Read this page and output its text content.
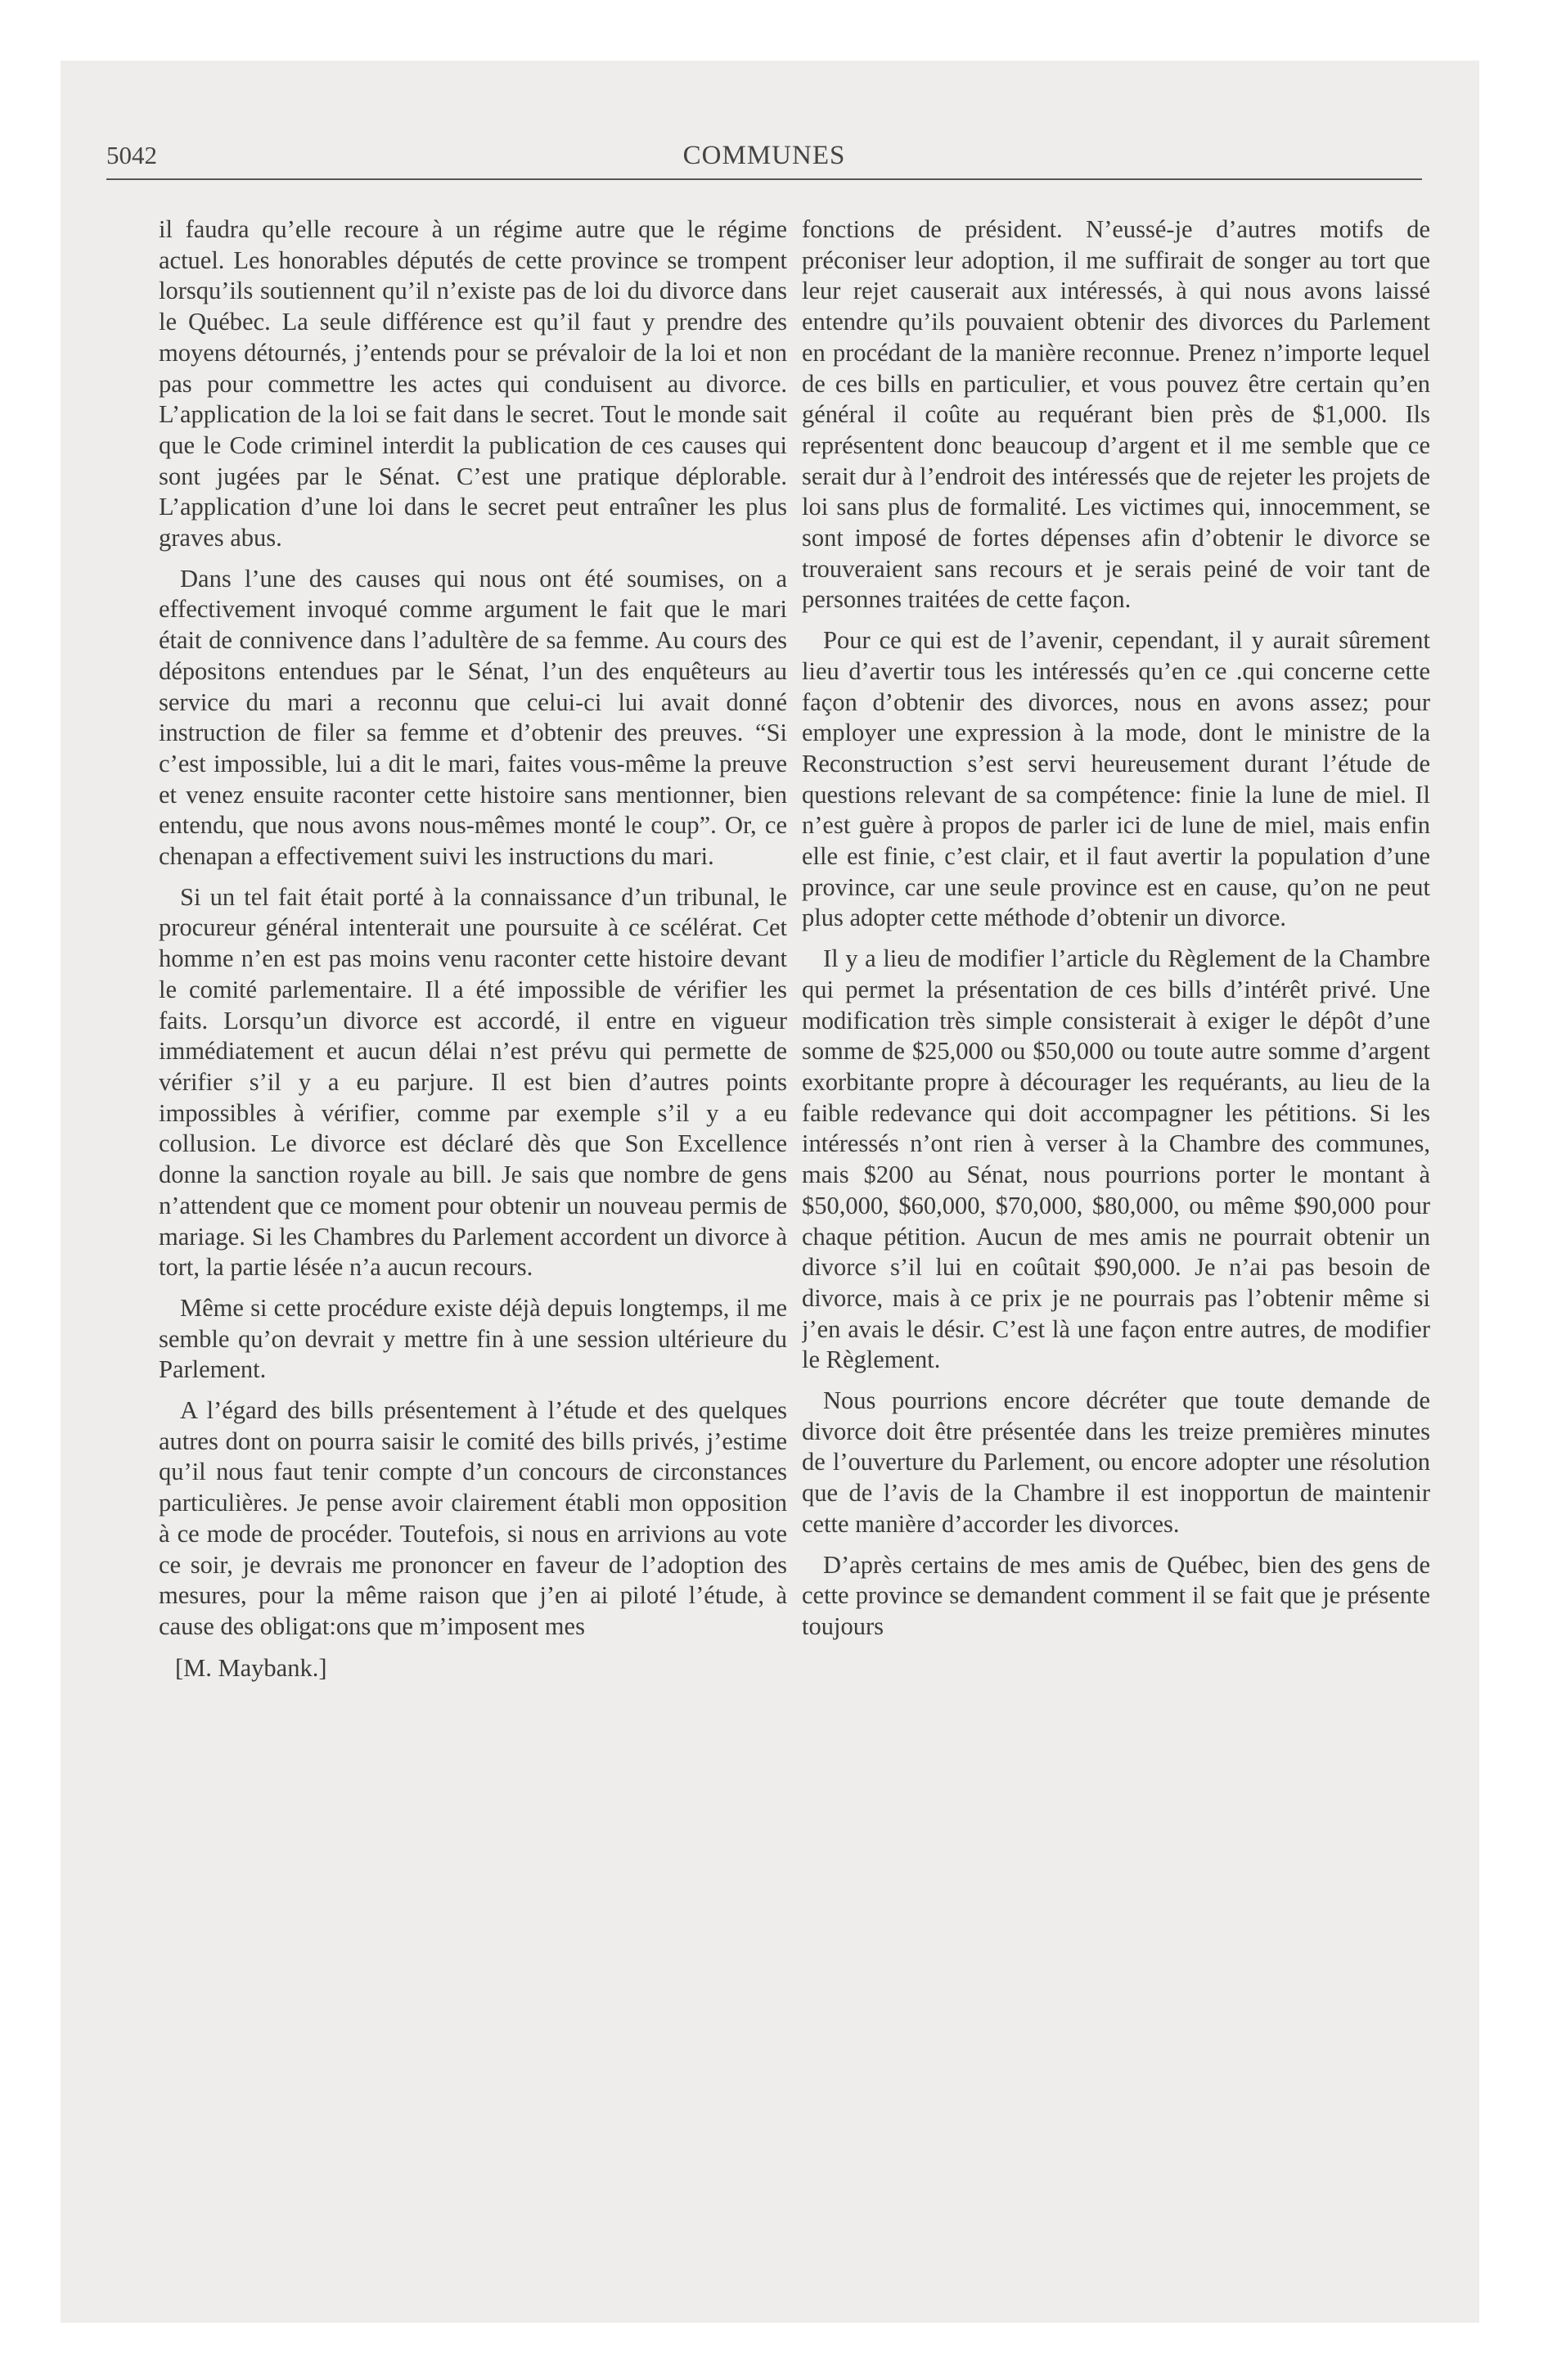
5042	COMMUNES

il faudra qu’elle recoure à un régime autre que le régime actuel. Les honorables députés de cette province se trompent lorsqu’ils soutiennent qu’il n’existe pas de loi du divorce dans le Québec. La seule différence est qu’il faut y prendre des moyens détournés, j’entends pour se prévaloir de la loi et non pas pour commettre les actes qui conduisent au divorce. L’application de la loi se fait dans le secret. Tout le monde sait que le Code criminel interdit la publication de ces causes qui sont jugées par le Sénat. C’est une pratique déplorable. L’application d’une loi dans le secret peut entraîner les plus graves abus.

Dans l’une des causes qui nous ont été soumises, on a effectivement invoqué comme argument le fait que le mari était de connivence dans l’adultère de sa femme. Au cours des dépositons entendues par le Sénat, l’un des enquêteurs au service du mari a reconnu que celui-ci lui avait donné instruction de filer sa femme et d’obtenir des preuves. “Si c’est impossible, lui a dit le mari, faites vous-même la preuve et venez ensuite raconter cette histoire sans mentionner, bien entendu, que nous avons nous-mêmes monté le coup”. Or, ce chenapan a effectivement suivi les instructions du mari.

Si un tel fait était porté à la connaissance d’un tribunal, le procureur général intenterait une poursuite à ce scélérat. Cet homme n’en est pas moins venu raconter cette histoire devant le comité parlementaire. Il a été impossible de vérifier les faits. Lorsqu’un divorce est accordé, il entre en vigueur immédiatement et aucun délai n’est prévu qui permette de vérifier s’il y a eu parjure. Il est bien d’autres points impossibles à vérifier, comme par exemple s’il y a eu collusion. Le divorce est déclaré dès que Son Excellence donne la sanction royale au bill. Je sais que nombre de gens n’attendent que ce moment pour obtenir un nouveau permis de mariage. Si les Chambres du Parlement accordent un divorce à tort, la partie lésée n’a aucun recours.

Même si cette procédure existe déjà depuis longtemps, il me semble qu’on devrait y mettre fin à une session ultérieure du Parlement.

A l’égard des bills présentement à l’étude et des quelques autres dont on pourra saisir le comité des bills privés, j’estime qu’il nous faut tenir compte d’un concours de circonstances particulières. Je pense avoir clairement établi mon opposition à ce mode de procéder. Toutefois, si nous en arrivions au vote ce soir, je devrais me prononcer en faveur de l’adoption des mesures, pour la même raison que j’en ai piloté l’étude, à cause des obligat:ons que m’imposent mes

[M. Maybank.]

fonctions de président. N’eussé-je d’autres motifs de préconiser leur adoption, il me suffirait de songer au tort que leur rejet causerait aux intéressés, à qui nous avons laissé entendre qu’ils pouvaient obtenir des divorces du Parlement en procédant de la manière reconnue. Prenez n’importe lequel de ces bills en particulier, et vous pouvez être certain qu’en général il coûte au requérant bien près de $1,000. Ils représentent donc beaucoup d’argent et il me semble que ce serait dur à l’endroit des intéressés que de rejeter les projets de loi sans plus de formalité. Les victimes qui, innocemment, se sont imposé de fortes dépenses afin d’obtenir le divorce se trouveraient sans recours et je serais peiné de voir tant de personnes traitées de cette façon.

Pour ce qui est de l’avenir, cependant, il y aurait sûrement lieu d’avertir tous les intéressés qu’en ce .qui concerne cette façon d’obtenir des divorces, nous en avons assez; pour employer une expression à la mode, dont le ministre de la Reconstruction s’est servi heureusement durant l’étude de questions relevant de sa compétence: finie la lune de miel. Il n’est guère à propos de parler ici de lune de miel, mais enfin elle est finie, c’est clair, et il faut avertir la population d’une province, car une seule province est en cause, qu’on ne peut plus adopter cette méthode d’obtenir un divorce.

Il y a lieu de modifier l’article du Règlement de la Chambre qui permet la présentation de ces bills d’intérêt privé. Une modification très simple consisterait à exiger le dépôt d’une somme de $25,000 ou $50,000 ou toute autre somme d’argent exorbitante propre à décourager les requérants, au lieu de la faible redevance qui doit accompagner les pétitions. Si les intéressés n’ont rien à verser à la Chambre des communes, mais $200 au Sénat, nous pourrions porter le montant à $50,000, $60,000, $70,000, $80,000, ou même $90,000 pour chaque pétition. Aucun de mes amis ne pourrait obtenir un divorce s’il lui en coûtait $90,000. Je n’ai pas besoin de divorce, mais à ce prix je ne pourrais pas l’obtenir même si j’en avais le désir. C’est là une façon entre autres, de modifier le Règlement.

Nous pourrions encore décréter que toute demande de divorce doit être présentée dans les treize premières minutes de l’ouverture du Parlement, ou encore adopter une résolution que de l’avis de la Chambre il est inopportun de maintenir cette manière d’accorder les divorces.

D’après certains de mes amis de Québec, bien des gens de cette province se demandent comment il se fait que je présente toujours
